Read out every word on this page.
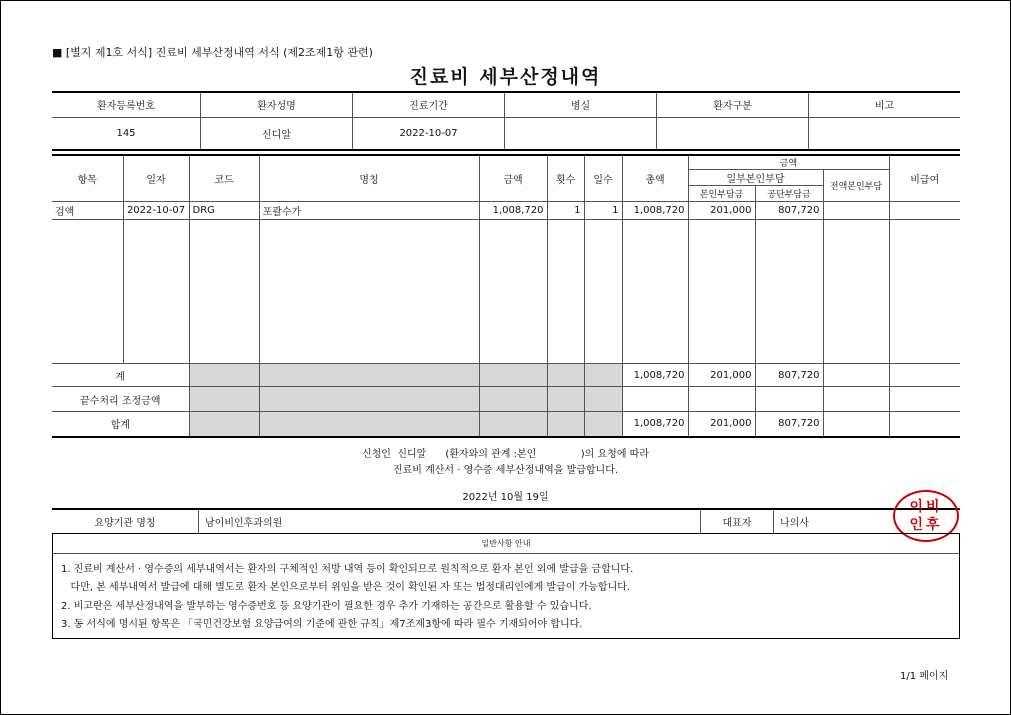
■ [별지 제1호 서식] 진료비 세부산정내역 서식 (제2조제1항 관련)
진료비 세부산정내역
환자등록번호	환자성명	진료기간	병실	환자구분	비고
145	신디알	2022-10-07			
항목	일자	코드	명칭	금액	횟수	일수	총액	금액			비급여
								일부본인부담		전액본인부담	
								본인부담금	공단부담금		
검액	2022-10-07	DRG	포괄수가	1,008,720	1	1	1,008,720	201,000	807,720		

계							1,008,720	201,000	807,720		
끝수처리 조정금액											
합계							1,008,720	201,000	807,720		
신청인  신디알      (환자와의 관계 :본인              )의 요청에 따라
진료비 계산서 · 영수증 세부산정내역을 발급합니다.
2022년 10월 19일
요양기관 명칭	남이비인후과의원	대표자	나의사
이비
인후
일반사항 안내
1. 진료비 계산서 · 영수증의 세부내역서는 환자의 구체적인 처방 내역 등이 확인되므로 원칙적으로 환자 본인 외에 발급을 금합니다.
다만, 본 세부내역서 발급에 대해 별도로 환자 본인으로부터 위임을 받은 것이 확인된 자 또는 법정대리인에게 발급이 가능합니다.
2. 비고란은 세부산정내역을 발부하는 영수증번호 등 요양기관이 필요한 경우 추가 기재하는 공간으로 활용할 수 있습니다.
3. 동 서식에 명시된 항목은 「국민건강보험 요양급여의 기준에 관한 규칙」제7조제3항에 따라 필수 기재되어야 합니다.
1/1 페이지
